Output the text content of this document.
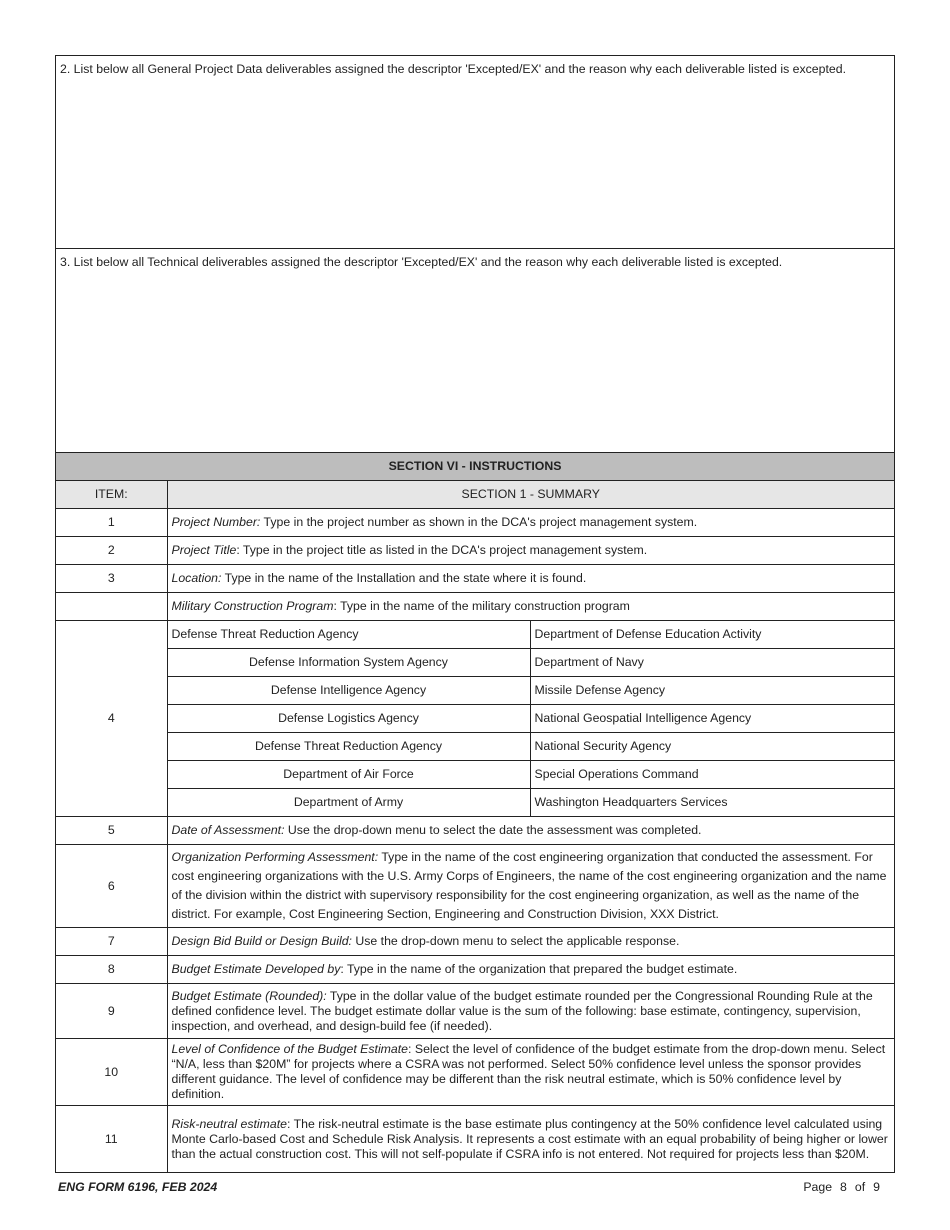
2. List below all General Project Data deliverables assigned the descriptor 'Excepted/EX' and the reason why each deliverable listed is excepted.
3. List below all Technical deliverables assigned the descriptor 'Excepted/EX' and the reason why each deliverable listed is excepted.
SECTION VI - INSTRUCTIONS
ITEM:	SECTION 1 - SUMMARY	
1	Project Number: Type in the project number as shown in the DCA's project management system.	
2	Project Title: Type in the project title as listed in the DCA's project management system.	
3	Location: Type in the name of the Installation and the state where it is found.	
	Military Construction Program: Type in the name of the military construction program	
4	Defense Threat Reduction Agency	Department of Defense Education Activity
	Defense Information System Agency	Department of Navy
	Defense Intelligence Agency	Missile Defense Agency
	Defense Logistics Agency	National Geospatial Intelligence Agency
	Defense Threat Reduction Agency	National Security Agency
	Department of Air Force	Special Operations Command
	Department of Army	Washington Headquarters Services
5	Date of Assessment: Use the drop-down menu to select the date the assessment was completed.	
6	Organization Performing Assessment: Type in the name of the cost engineering organization that conducted the assessment. For cost engineering organizations with the U.S. Army Corps of Engineers, the name of the cost engineering organization and the name of the division within the district with supervisory responsibility for the cost engineering organization, as well as the name of the district. For example, Cost Engineering Section, Engineering and Construction Division, XXX District.	
7	Design Bid Build or Design Build: Use the drop-down menu to select the applicable response.	
8	Budget Estimate Developed by: Type in the name of the organization that prepared the budget estimate.	
9	Budget Estimate (Rounded): Type in the dollar value of the budget estimate rounded per the Congressional Rounding Rule at the defined confidence level. The budget estimate dollar value is the sum of the following: base estimate, contingency, supervision, inspection, and overhead, and design-build fee (if needed).	
10	Level of Confidence of the Budget Estimate: Select the level of confidence of the budget estimate from the drop-down menu. Select “N/A, less than $20M” for projects where a CSRA was not performed. Select 50% confidence level unless the sponsor provides different guidance. The level of confidence may be different than the risk neutral estimate, which is 50% confidence level by definition.	
11	Risk-neutral estimate: The risk-neutral estimate is the base estimate plus contingency at the 50% confidence level calculated using Monte Carlo-based Cost and Schedule Risk Analysis. It represents a cost estimate with an equal probability of being higher or lower than the actual construction cost. This will not self-populate if CSRA info is not entered. Not required for projects less than $20M.	
ENG FORM 6196, FEB 2024	Page 8 of 9
